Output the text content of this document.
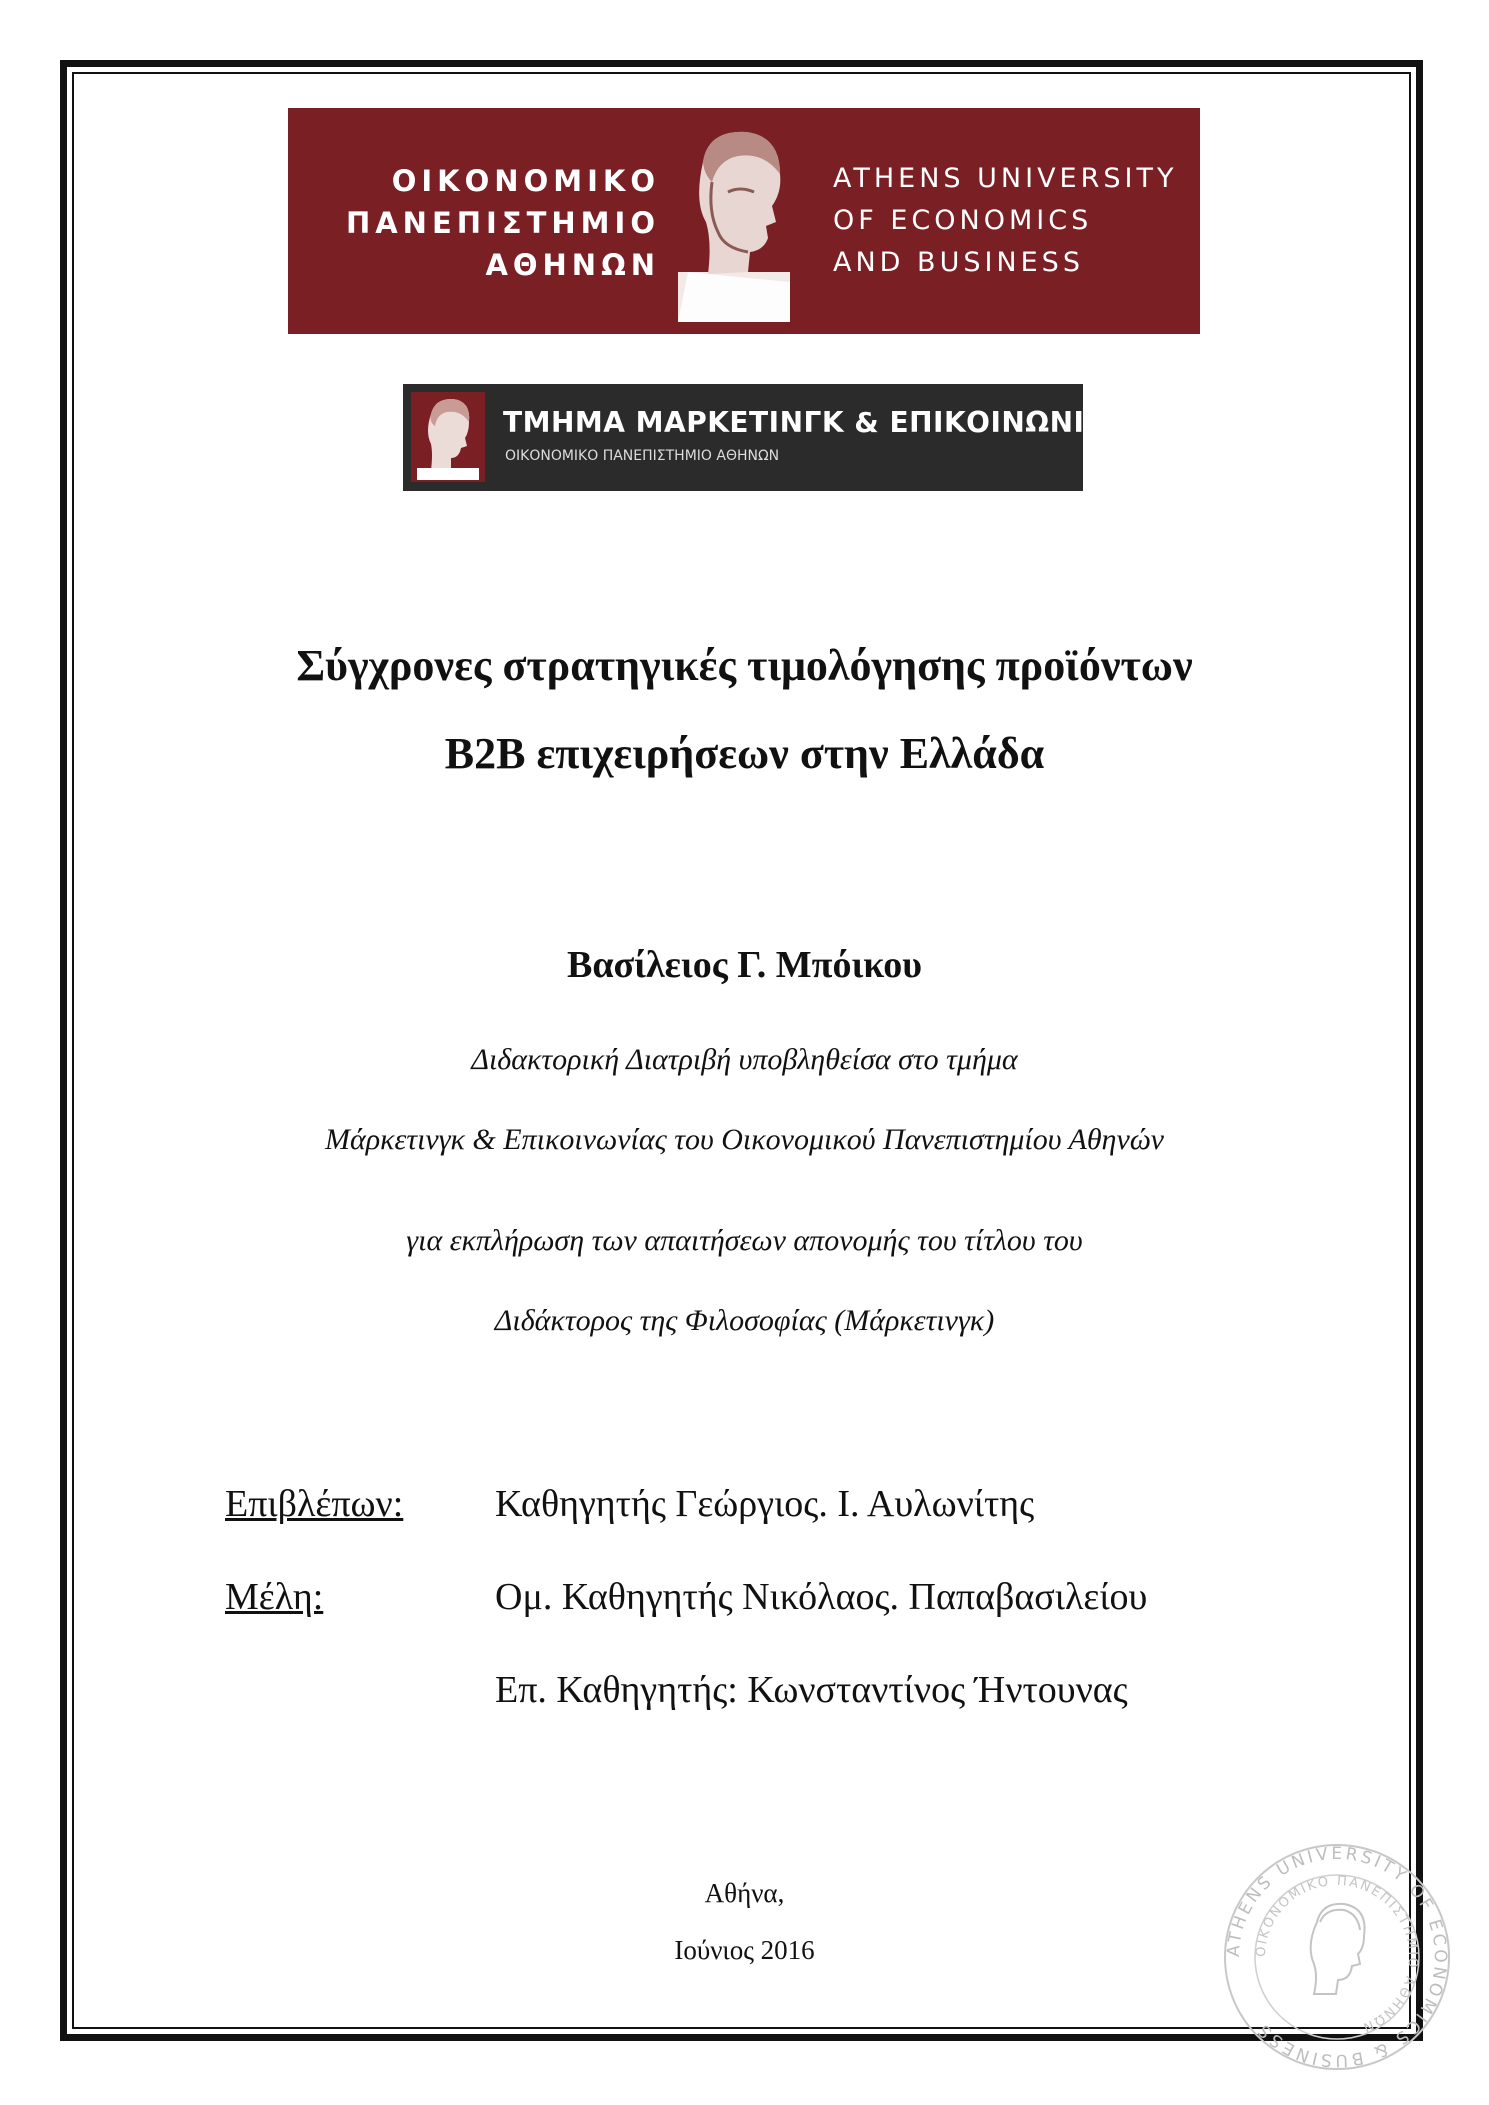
ΟΙΚΟΝΟΜΙΚΟ
ΠΑΝΕΠΙΣΤΗΜΙΟ
ΑΘΗΝΩΝ
ATHENS UNIVERSITY
OF ECONOMICS
AND BUSINESS
ΤΜΗΜΑ ΜΑΡΚΕΤΙΝΓΚ & ΕΠΙΚΟΙΝΩΝΙΑΣ
ΟΙΚΟΝΟΜΙΚΟ ΠΑΝΕΠΙΣΤΗΜΙΟ ΑΘΗΝΩΝ
Σύγχρονες στρατηγικές τιμολόγησης προϊόντων
B2B επιχειρήσεων στην Ελλάδα
Βασίλειος Γ. Μπόικου
Διδακτορική Διατριβή υποβληθείσα στο τμήμα
Μάρκετινγκ & Επικοινωνίας του Οικονομικού Πανεπιστημίου Αθηνών
για εκπλήρωση των απαιτήσεων απονομής του τίτλου του
Διδάκτορος της Φιλοσοφίας (Μάρκετινγκ)
Επιβλέπων: Καθηγητής Γεώργιος. Ι. Αυλωνίτης
Μέλη:	Ομ. Καθηγητής Νικόλαος. Παπαβασιλείου
Επ. Καθηγητής: Κωνσταντίνος Ήντουνας
Αθήνα,
Ιούνιος 2016	ATHENS UNIVERSITY OF ECONOMICS & BUSINESS
ΟΙΚΟΝΟΜΙΚΟ ΠΑΝΕΠΙΣΤΗΜΙΟ ΑΘΗΝΩΝ
